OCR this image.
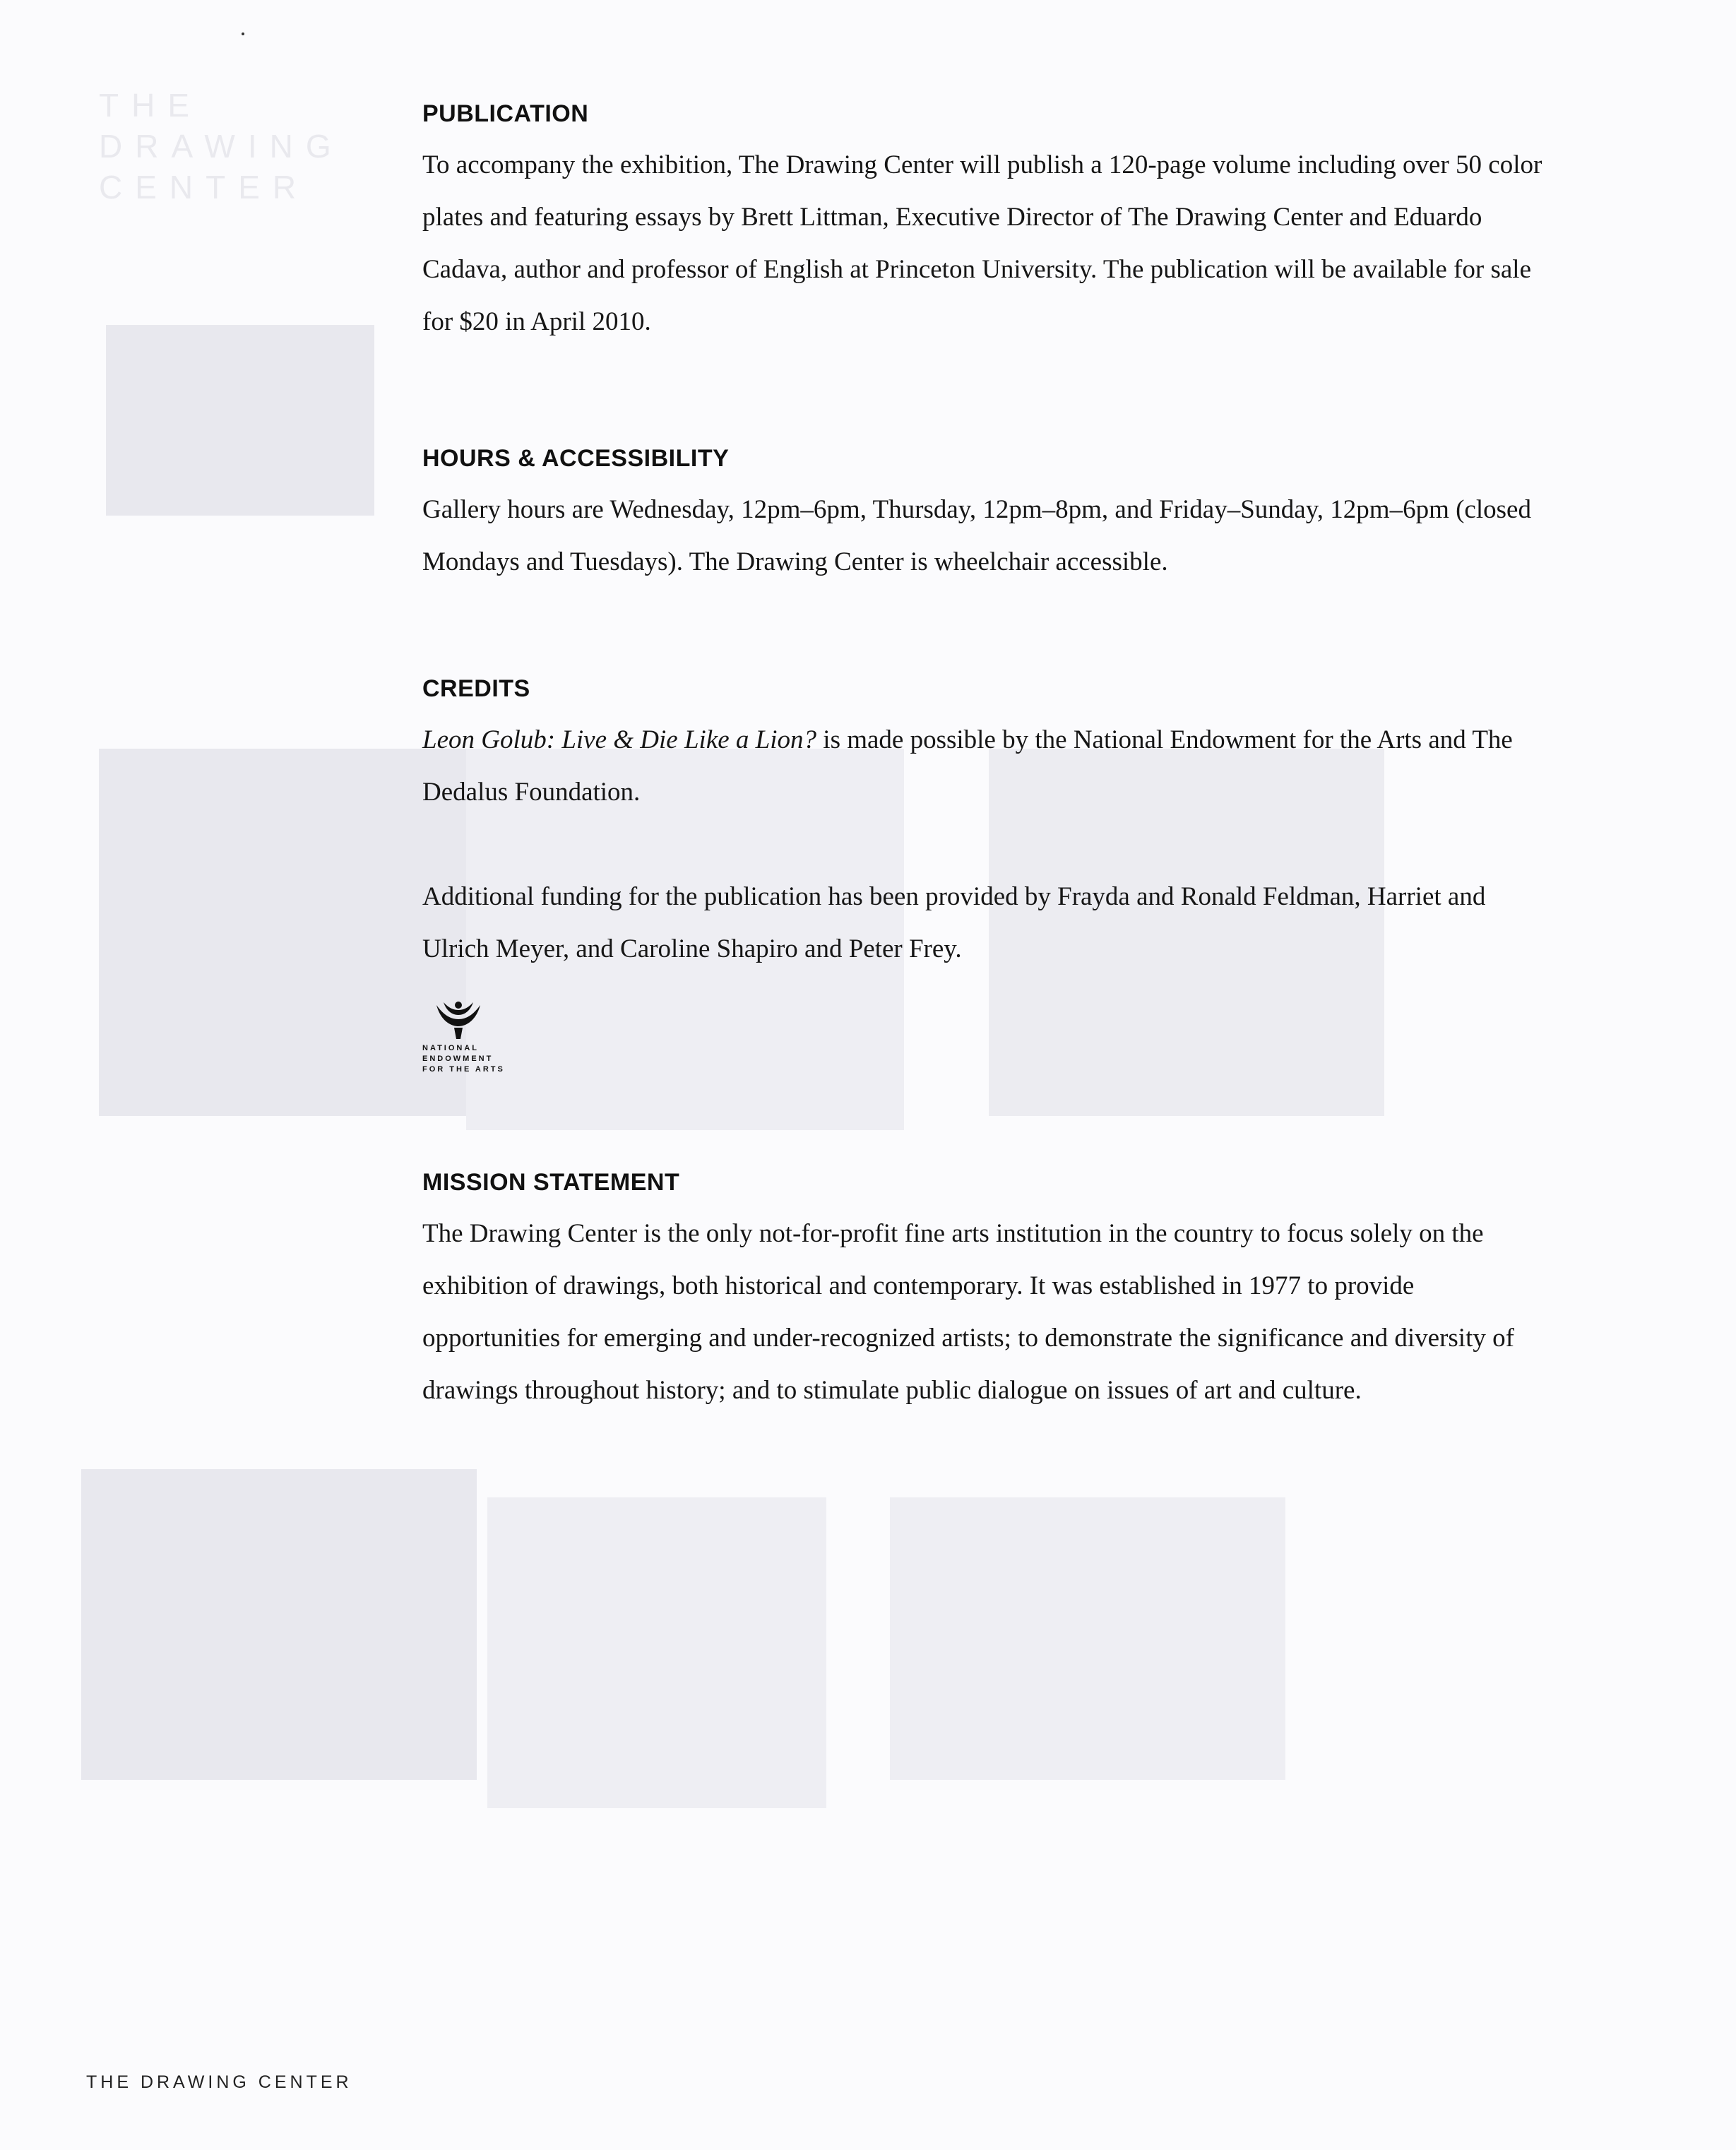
THE
DRAWING
CENTER
PUBLICATION

To accompany the exhibition, The Drawing Center will publish a 120-page volume including over 50 color plates and featuring essays by Brett Littman, Executive Director of The Drawing Center and Eduardo Cadava, author and professor of English at Princeton University. The publication will be available for sale for $20 in April 2010.

HOURS & ACCESSIBILITY

Gallery hours are Wednesday, 12pm–6pm, Thursday, 12pm–8pm, and Friday–Sunday, 12pm–6pm (closed Mondays and Tuesdays). The Drawing Center is wheelchair accessible.

CREDITS

Leon Golub: Live & Die Like a Lion? is made possible by the National Endowment for the Arts and The Dedalus Foundation.

Additional funding for the publication has been provided by Frayda and Ronald Feldman, Harriet and Ulrich Meyer, and Caroline Shapiro and Peter Frey.

NATIONAL
ENDOWMENT
FOR THE ARTS
MISSION STATEMENT

The Drawing Center is the only not-for-profit fine arts institution in the country to focus solely on the exhibition of drawings, both historical and contemporary. It was established in 1977 to provide opportunities for emerging and under-recognized artists; to demonstrate the significance and diversity of drawings throughout history; and to stimulate public dialogue on issues of art and culture.

THE DRAWING CENTER
